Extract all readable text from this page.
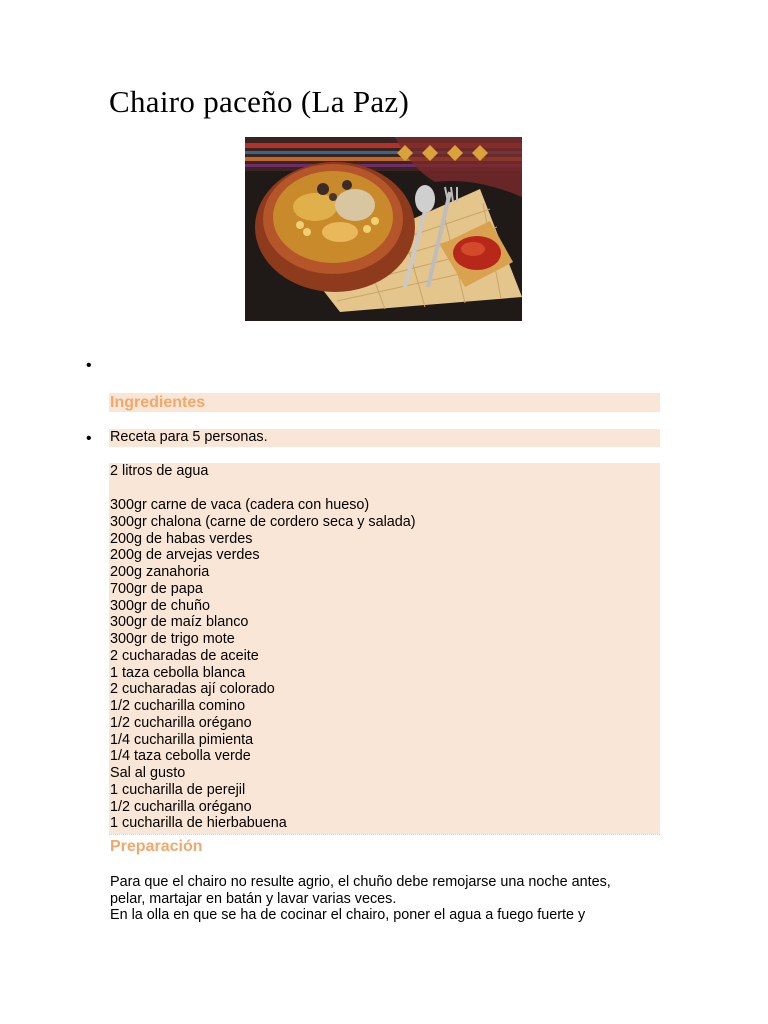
Chairo paceño (La Paz)
•
Ingredientes
• Receta para 5 personas.
2 litros de agua
300gr carne de vaca (cadera con hueso)
300gr chalona (carne de cordero seca y salada)
200g de habas verdes
200g de arvejas verdes
200g zanahoria
700gr de papa
300gr de chuño
300gr de maíz blanco
300gr de trigo mote
2 cucharadas de aceite
1 taza cebolla blanca
2 cucharadas ají colorado
1/2 cucharilla comino
1/2 cucharilla orégano
1/4 cucharilla pimienta
1/4 taza cebolla verde
Sal al gusto
1 cucharilla de perejil
1/2 cucharilla orégano
1 cucharilla de hierbabuena
Preparación
Para que el chairo no resulte agrio, el chuño debe remojarse una noche antes,
pelar, martajar en batán y lavar varias veces.
En la olla en que se ha de cocinar el chairo, poner el agua a fuego fuerte y
